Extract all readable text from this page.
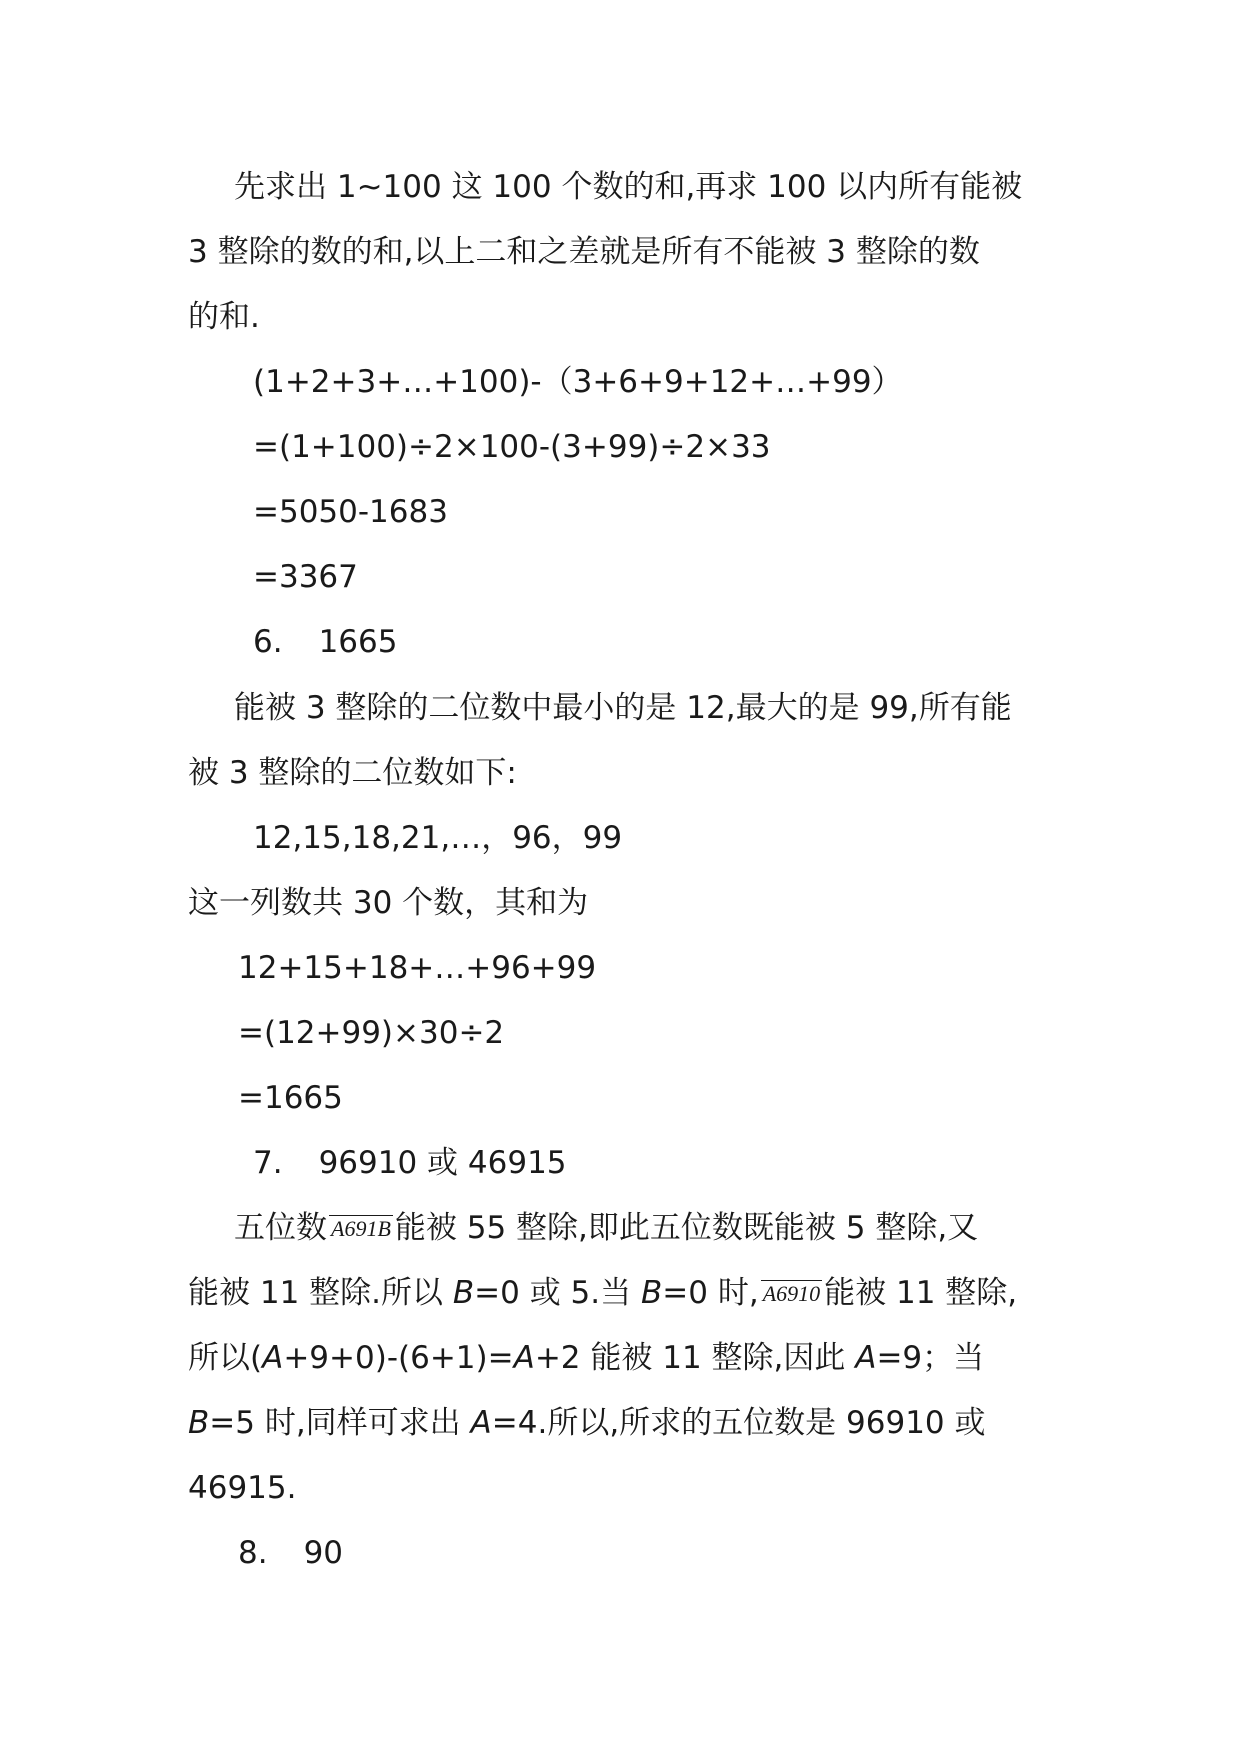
先求出 1~100 这 100 个数的和,再求 100 以内所有能被
3 整除的数的和,以上二和之差就是所有不能被 3 整除的数
的和.
(1+2+3+…+100)-（3+6+9+12+…+99）
=(1+100)÷2×100-(3+99)÷2×33
=5050-1683
=3367
6. 1665
能被 3 整除的二位数中最小的是 12,最大的是 99,所有能
被 3 整除的二位数如下:
12,15,18,21,…，96，99
这一列数共 30 个数，其和为
12+15+18+…+96+99
=(12+99)×30÷2
=1665
7. 96910 或 46915
五位数 A691B 能被 55 整除,即此五位数既能被 5 整除,又
能被 11 整除.所以 B=0 或 5.当 B=0 时, A6910 能被 11 整除,
所以(A+9+0)-(6+1)=A+2 能被 11 整除,因此 A=9；当
B=5 时,同样可求出 A=4.所以,所求的五位数是 96910 或
46915.
8. 90
